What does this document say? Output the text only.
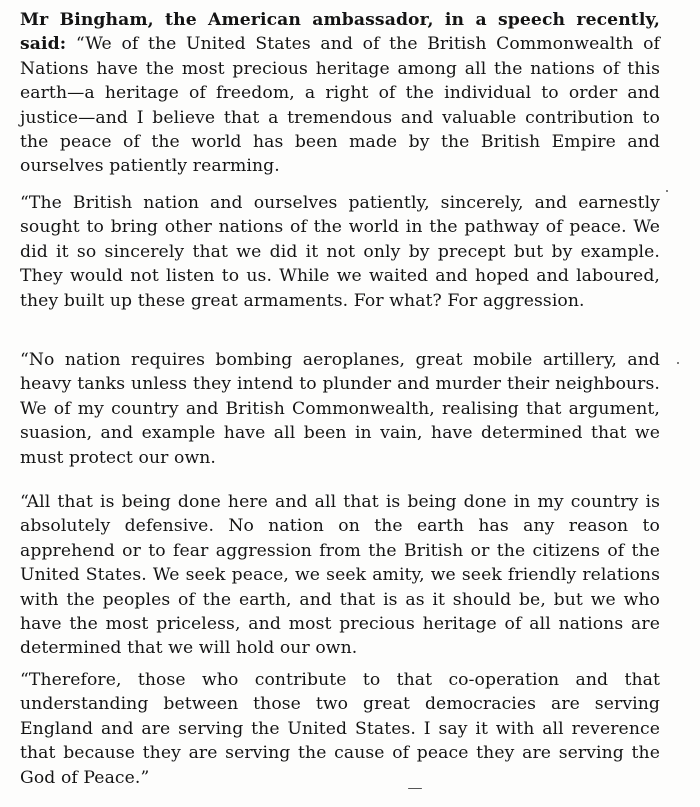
Mr Bingham, the American ambassador, in a speech recently, said: “We of the United States and of the British Commonwealth of Nations have the most precious heritage among all the nations of this earth—a heritage of freedom, a right of the individual to order and justice—and I believe that a tremendous and valuable contribution to the peace of the world has been made by the British Empire and ourselves patiently rearming.

“The British nation and ourselves patiently, sincerely, and earnestly sought to bring other nations of the world in the pathway of peace. We did it so sincerely that we did it not only by precept but by example. They would not listen to us. While we waited and hoped and laboured, they built up these great armaments. For what? For aggression.

“No nation requires bombing aeroplanes, great mobile artillery, and heavy tanks unless they intend to plunder and murder their neighbours. We of my country and British Commonwealth, realising that argument, suasion, and example have all been in vain, have determined that we must protect our own.

“All that is being done here and all that is being done in my country is absolutely defensive. No nation on the earth has any reason to apprehend or to fear aggression from the British or the citizens of the United States. We seek peace, we seek amity, we seek friendly relations with the peoples of the earth, and that is as it should be, but we who have the most priceless, and most precious heritage of all nations are determined that we will hold our own.

“Therefore, those who contribute to that co-operation and that understanding between those two great democracies are serving England and are serving the United States. I say it with all reverence that because they are serving the cause of peace they are serving the God of Peace.”
